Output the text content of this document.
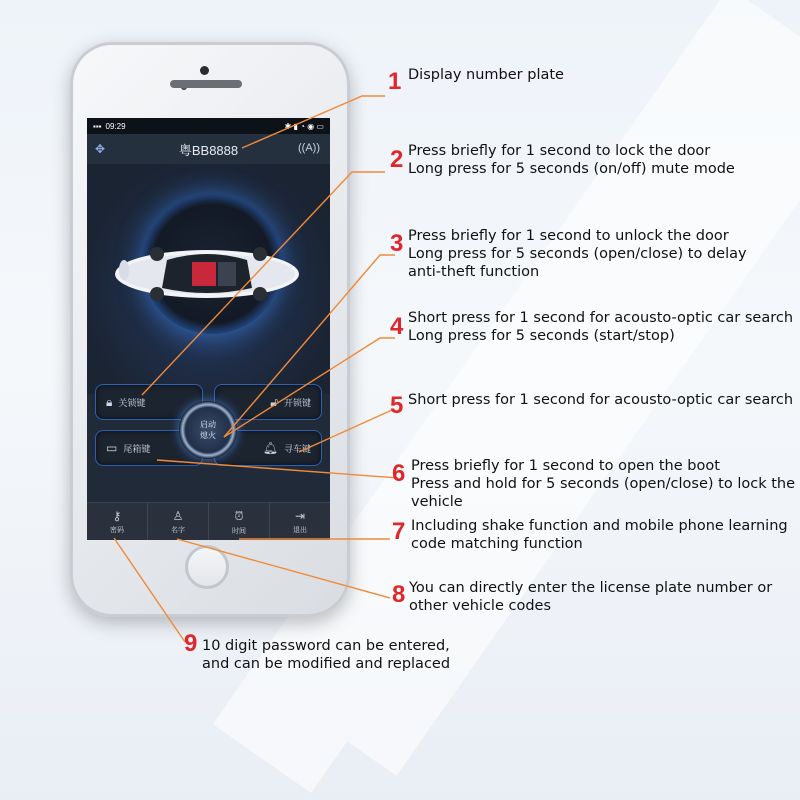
▪▪▪ 09:29	✱ ▮ ◔ ◉ ▭
✥	粤BB8888	((A))
🔒︎ 关锁键	🔓︎ 开锁键
▭ 尾箱键	🔔︎ 寻车键
启动
熄火
⚷
密码
♙
名字
⏰︎
时间
⇥
退出
1 Display number plate
2 Press briefly for 1 second to lock the door
Long press for 5 seconds (on/off) mute mode
3 Press briefly for 1 second to unlock the door
Long press for 5 seconds (open/close) to delay
anti-theft function
4 Short press for 1 second for acousto-optic car search
Long press for 5 seconds (start/stop)
5 Short press for 1 second for acousto-optic car search
6 Press briefly for 1 second to open the boot
Press and hold for 5 seconds (open/close) to lock the
vehicle
7 Including shake function and mobile phone learning
code matching function
8 You can directly enter the license plate number or
other vehicle codes
9 10 digit password can be entered,
and can be modified and replaced
